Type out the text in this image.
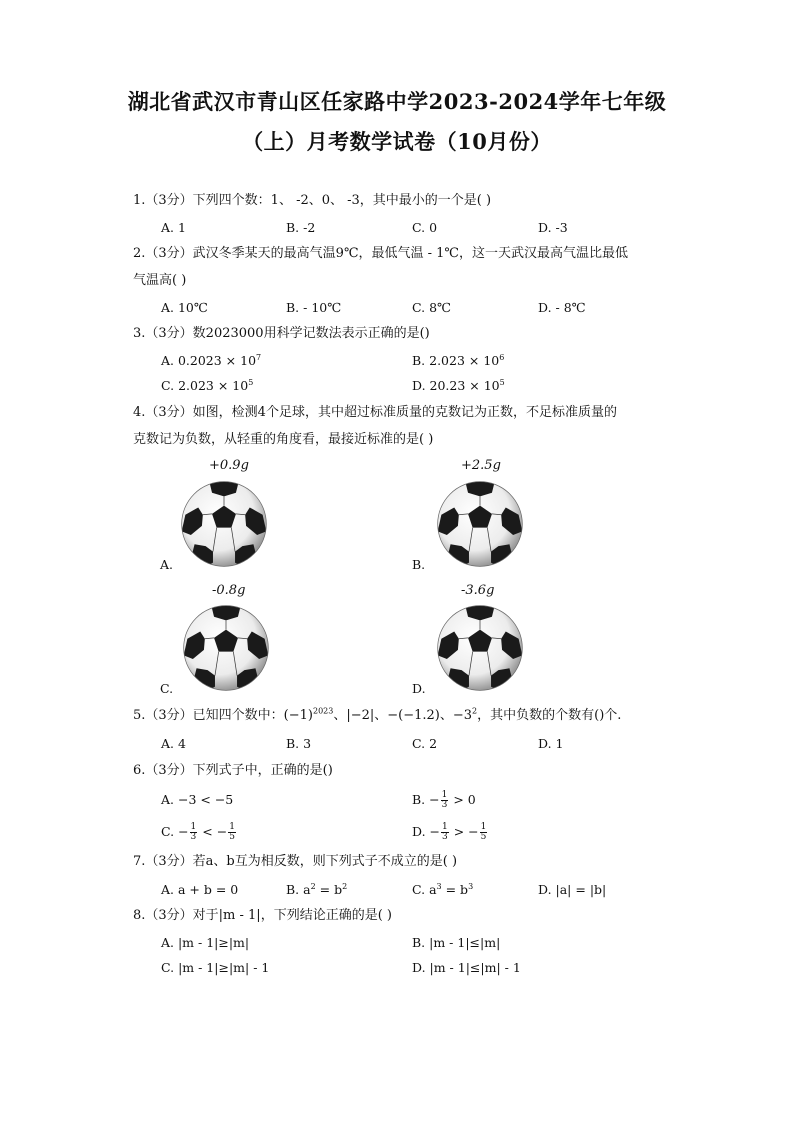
湖北省武汉市青山区任家路中学2023-2024学年七年级
（上）月考数学试卷（10月份）
1.（3分）下列四个数：1、 -2、0、 -3，其中最小的一个是( )
A. 1	B. -2	C. 0	D. -3
2.（3分）武汉冬季某天的最高气温9℃，最低气温 - 1℃，这一天武汉最高气温比最低
气温高( )
A. 10℃	B. - 10℃	C. 8℃	D. - 8℃
3.（3分）数2023000用科学记数法表示正确的是()
A. $0.2023 \times 10^7$	B. $2.023 \times 10^6$
C. $2.023 \times 10^5$	D. $20.23 \times 10^5$
4.（3分）如图，检测4个足球，其中超过标准质量的克数记为正数，不足标准质量的
克数记为负数，从轻重的角度看，最接近标准的是( )
+0.9g
A.
+2.5g
B.
-0.8g
C.
-3.6g
D.
5.（3分）已知四个数中：$(-1)^{2023}$、|−2|、−(−1.2)、$-3^2$，其中负数的个数有()个.
A. 4	B. 3	C. 2	D. 1
6.（3分）下列式子中，正确的是()
A. −3 < −5	B. − $\frac{1}{3} > 0$
C. − $\frac{1}{3}$ < − $\frac{1}{5}$	D. − $\frac{1}{3}$ > − $\frac{1}{5}$
7.（3分）若a、b互为相反数，则下列式子不成立的是( )
A. a + b = 0	B. $a^2 = b^2$	C. $a^3 = b^3$	D. |a| = |b|
8.（3分）对于|m - 1|，下列结论正确的是( )
A. |m - 1|≥|m|	B. |m - 1|≤|m|
C. |m - 1|≥|m| - 1	D. |m - 1|≤|m| - 1
